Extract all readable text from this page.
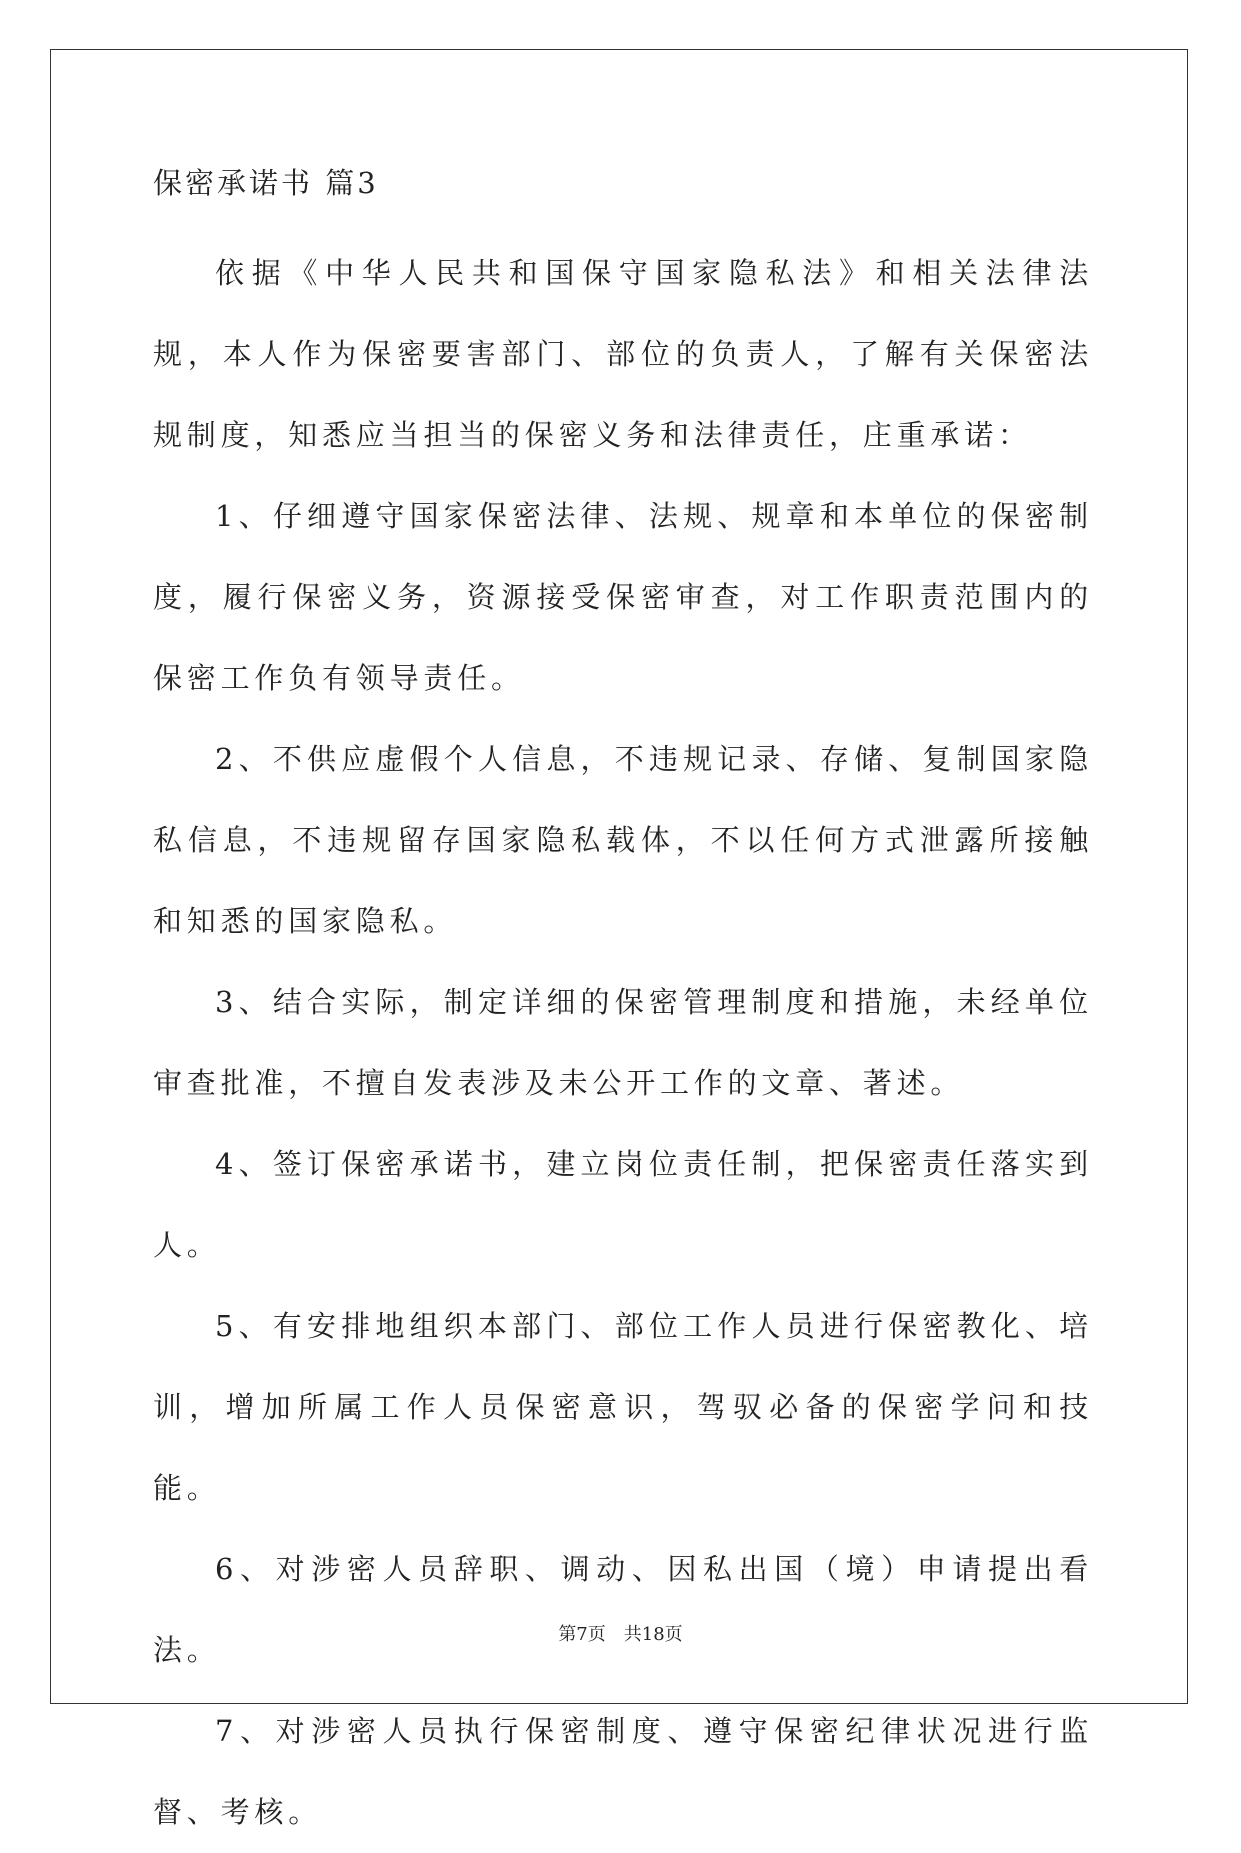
保密承诺书 篇3

依据《中华人民共和国保守国家隐私法》和相关法律法规，本人作为保密要害部门、部位的负责人，了解有关保密法规制度，知悉应当担当的保密义务和法律责任，庄重承诺：

1、仔细遵守国家保密法律、法规、规章和本单位的保密制度，履行保密义务，资源接受保密审查，对工作职责范围内的保密工作负有领导责任。

2、不供应虚假个人信息，不违规记录、存储、复制国家隐私信息，不违规留存国家隐私载体，不以任何方式泄露所接触和知悉的国家隐私。

3、结合实际，制定详细的保密管理制度和措施，未经单位审查批准，不擅自发表涉及未公开工作的文章、著述。

4、签订保密承诺书，建立岗位责任制，把保密责任落实到人。

5、有安排地组织本部门、部位工作人员进行保密教化、培训，增加所属工作人员保密意识，驾驭必备的保密学问和技能。

6、对涉密人员辞职、调动、因私出国（境）申请提出看法。

7、对涉密人员执行保密制度、遵守保密纪律状况进行监督、考核。

第7页 共18页
